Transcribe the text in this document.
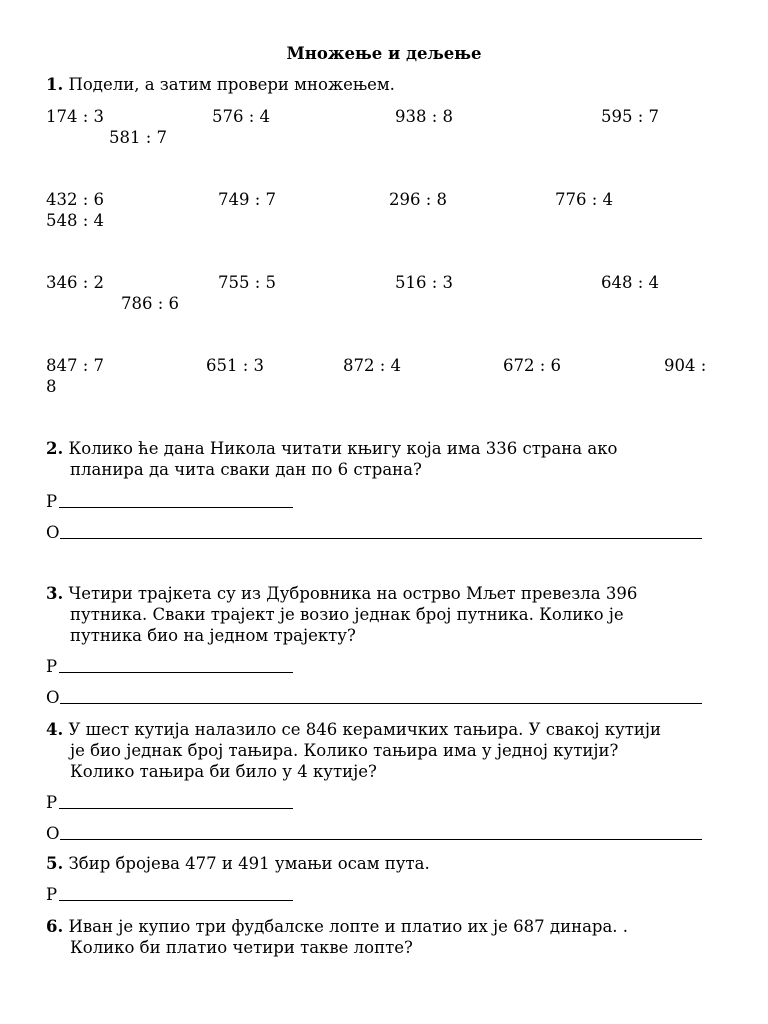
Множење и дељење
1. Подели, а затим провери множењем.
174 : 3	576 : 4	938 : 8	595 : 7
581 : 7
432 : 6	749 : 7	296 : 8	776 : 4
548 : 4
346 : 2	755 : 5	516 : 3	648 : 4
786 : 6
847 : 7	651 : 3	872 : 4	672 : 6	904 :
8
2. Колико ће дана Никола читати књигу која има 336 страна ако
планира да чита сваки дан по 6 страна?
Р
О
3. Четири трајкета су из Дубровника на острво Мљет превезла 396
путника. Сваки трајект је возио једнак број путника. Колико је
путника био на једном трајекту?
Р
О
4. У шест кутија налазило се 846 керамичких тањира. У свакој кутији
је био једнак број тањира. Колико тањира има у једној кутији?
Колико тањира би било у 4 кутије?
Р
О
5. Збир бројева 477 и 491 умањи осам пута.
Р
6. Иван је купио три фудбалске лопте и платио их је 687 динара. .
Колико би платио четири такве лопте?
